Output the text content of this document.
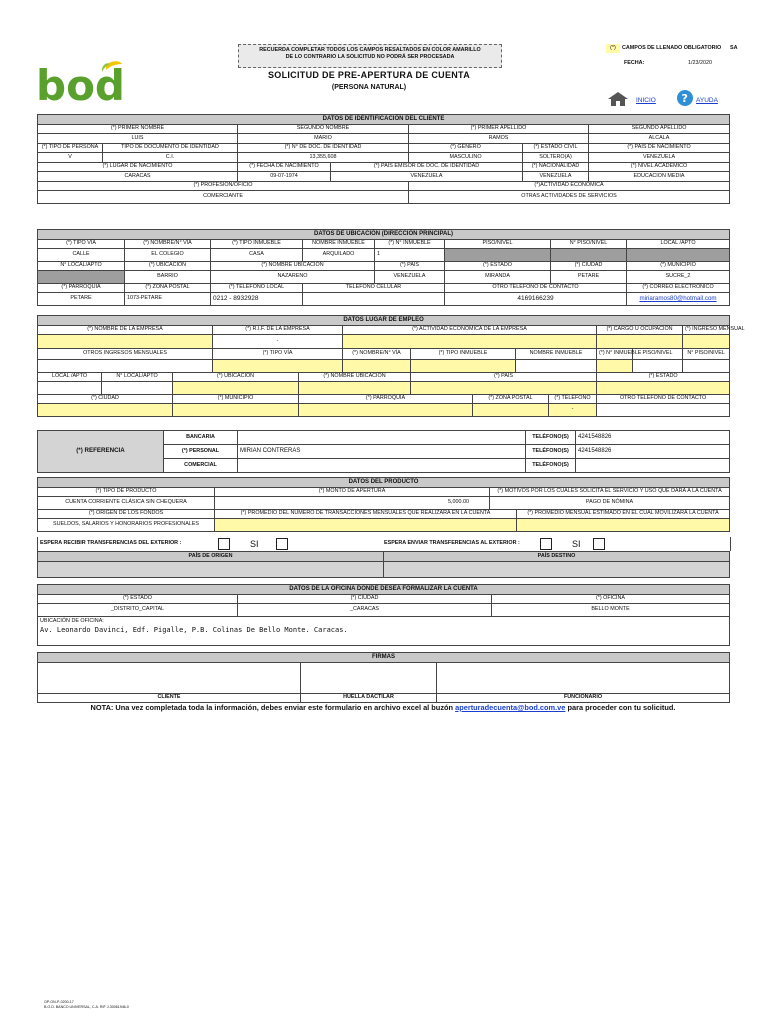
bod
RECUERDA COMPLETAR TODOS LOS CAMPOS RESALTADOS EN COLOR AMARILLO
DE LO CONTRARIO LA SOLICITUD NO PODRÁ SER PROCESADA
SOLICITUD DE PRE-APERTURA DE CUENTA
(PERSONA NATURAL)
(*)	CAMPOS DE LLENADO OBLIGATORIO SA
FECHA:	1/23/2020
INICIO ? AYUDA
DATOS DE IDENTIFICACIÓN DEL CLIENTE						
(*) PRIMER NOMBRE		SEGUNDO NOMBRE		(*) PRIMER APELLIDO		SEGUNDO APELLIDO
LUIS		MARIO		RAMOS		ALCALA
(*) TIPO DE PERSONA	TIPO DE DOCUMENTO DE IDENTIDAD	(*) N° DE DOC. DE IDENTIDAD		(*) GÉNERO	(*) ESTADO CIVIL	(*) PAÍS DE NACIMIENTO
V	C.I.	13,355,608		MASCULINO	SOLTERO(A)	VENEZUELA
(*) LUGAR DE NACIMIENTO		(*) FECHA DE NACIMIENTO	(*) PAÍS EMISOR DE DOC. DE IDENTIDAD		(*) NACIONALIDAD	(*) NIVEL ACADEMICO
CARACAS		09-07-1974	VENEZUELA		VENEZUELA	EDUCACION MEDIA
(*) PROFESION/OFICIO				(*)ACTIVIDAD ECONÓMICA		
COMERCIANTE				OTRAS ACTIVIDADES DE SERVICIOS		
DATOS DE UBICACIÓN (DIRECCIÓN PRINCIPAL)							
(*) TIPO VÍA	(*) NOMBRE/N° VÍA	(*) TIPO INMUEBLE	NOMBRE INMUEBLE	(*) N° INMUEBLE	PISO/NIVEL	N° PISO/NIVEL	LOCAL /APTO
CALLE	EL COLEGIO	CASA	ARQUILADO	1			
N° LOCAL/APTO	(*) UBICACIÓN	(*) NOMBRE UBICACIÓN		(*) PAÍS	(*) ESTADO	(*) CIUDAD	(*) MUNICIPIO
	BARRIO	NAZARENO		VENEZUELA	MIRANDA	PETARE	SUCRE_2
(*) PARROQUIA	(*) ZONA POSTAL	(*) TELÉFONO LOCAL	TELÉFONO CELULAR		OTRO TELÉFONO DE CONTACTO		(*) CORREO ELECTRÓNICO
PETARE	1073-PETARE	0212 - 8932928			4169166239		miriaramos80@hotmail.com
DATOS LUGAR DE EMPLEO												
(*) NOMBRE DE LA EMPRESA			(*) R.I.F. DE LA EMPRESA		(*) ACTIVIDAD ECONÓMICA DE LA EMPRESA					(*) CARGO U OCUPACIÓN		(*) INGRESO MENSUAL
			-									
OTROS INGRESOS MENSUALES			(*) TIPO VÍA		(*) NOMBRE/N° VÍA	(*) TIPO INMUEBLE		NOMBRE INMUEBLE		(*) N° INMUEBLE	PISO/NIVEL	N° PISO/NIVEL

LOCAL /APTO	N° LOCAL/APTO	(*) UBICACIÓN		(*) NOMBRE UBICACIÓN		(*) PAÍS				(*) ESTADO		

(*) CIUDAD		(*) MUNICIPIO		(*) PARROQUIA			(*) ZONA POSTAL		(*) TELÉFONO	OTRO TELÉFONO DE CONTACTO		
									-			
(*) REFERENCIA	BANCARIA		TELÉFONO(S)	4241548826
	(*) PERSONAL	MIRIAN CONTRERAS	TELÉFONO(S)	4241548826
	COMERCIAL		TELÉFONO(S)	
DATOS DEL PRODUCTO			
(*) TIPO DE PRODUCTO	(*) MONTO DE APERTURA	(*) MOTIVOS POR LOS CUALES SOLICITA EL SERVICIO Y USO QUE DARÁ A LA CUENTA	
CUENTA CORRIENTE CLÁSICA SIN CHEQUERA	5,000.00	PAGO DE NÓMINA	
(*) ORIGEN DE LOS FONDOS	(*) PROMEDIO DEL NUMERO DE TRANSACCIONES MENSUALES QUE REALIZARA EN LA CUENTA		(*) PROMEDIO MENSUAL ESTIMADO EN EL CUAL MOVILIZARÁ LA CUENTA
SUELDOS, SALARIOS Y HONORARIOS PROFESIONALES			
ESPERA RECIBIR TRANSFERENCIAS DEL EXTERIOR :	SI	ESPERA ENVIAR TRANSFERENCIAS AL EXTERIOR :	SI
PAÍS DE ORIGEN	PAÍS DESTINO

DATOS DE LA OFICINA DONDE DESEA FORMALIZAR LA CUENTA		
(*) ESTADO	(*) CIUDAD	(*) OFICINA
_DISTRITO_CAPITAL	_CARACAS	BELLO MONTE

UBICACIÓN DE OFICINA:
Av. Leonardo Davinci, Edf. Pigalle, P.B. Colinas De Bello Monte. Caracas.		
FIRMAS		

CLIENTE	HUELLA DACTILAR	FUNCIONARIO
NOTA: Una vez completada toda la información, debes enviar este formulario en archivo excel al buzón aperturadecuenta@bod.com.ve para proceder con tu solicitud.
OP-ON-P-0200-17
B.O.D. BANCO UNIVERSAL, C.A. RIF J-30061946-0
